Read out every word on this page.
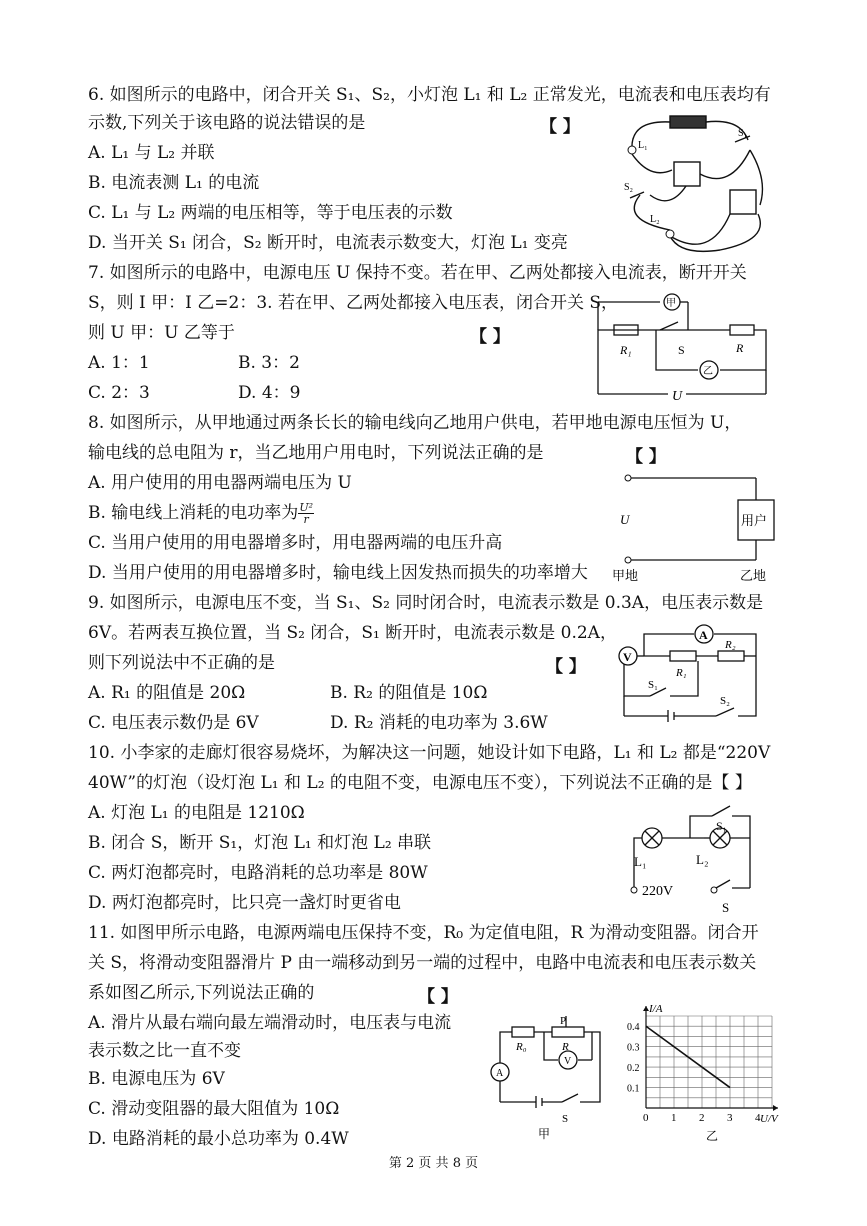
6. 如图所示的电路中，闭合开关 S₁、S₂，小灯泡 L₁ 和 L₂ 正常发光，电流表和电压表均有
示数,下列关于该电路的说法错误的是	【 】
A. L₁ 与 L₂ 并联
B. 电流表测 L₁ 的电流
C. L₁ 与 L₂ 两端的电压相等，等于电压表的示数
D. 当开关 S₁ 闭合，S₂ 断开时，电流表示数变大，灯泡 L₁ 变亮
L₁
L₂
S₁
S₂
7. 如图所示的电路中，电源电压 U 保持不变。若在甲、乙两处都接入电流表，断开开关
S，则 I 甲：I 乙=2：3. 若在甲、乙两处都接入电压表，闭合开关 S，
则 U 甲：U 乙等于	【 】
A. 1：1	B. 3：2
C. 2：3	D. 4：9
甲
乙
R₁	S	R
U
8. 如图所示，从甲地通过两条长长的输电线向乙地用户供电，若甲地电源电压恒为 U，
输电线的总电阻为 r，当乙地用户用电时，下列说法正确的是	【 】
A. 用户使用的用电器两端电压为 U
B. 输电线上消耗的电功率为 $\frac{\text{U²}}{r}$
C. 当用户使用的用电器增多时，用电器两端的电压升高
D. 当用户使用的用电器增多时，输电线上因发热而损失的功率增大
U	用户
甲地	乙地
9. 如图所示，电源电压不变，当 S₁、S₂ 同时闭合时，电流表示数是 0.3A，电压表示数是
6V。若两表互换位置，当 S₂ 闭合，S₁ 断开时，电流表示数是 0.2A，
则下列说法中不正确的是	【 】
A. R₁ 的阻值是 20Ω	B. R₂ 的阻值是 10Ω
C. 电压表示数仍是 6V	D. R₂ 消耗的电功率为 3.6W
A
V
R₁
R₂
S₁
S₂
10. 小李家的走廊灯很容易烧坏，为解决这一问题，她设计如下电路，L₁ 和 L₂ 都是“220V
40W”的灯泡（设灯泡 L₁ 和 L₂ 的电阻不变，电源电压不变），下列说法不正确的是【 】
A. 灯泡 L₁ 的电阻是 1210Ω
B. 闭合 S，断开 S₁，灯泡 L₁ 和灯泡 L₂ 串联
C. 两灯泡都亮时，电路消耗的总功率是 80W
D. 两灯泡都亮时，比只亮一盏灯时更省电
L₁	L₂
S₁
220V
S
11. 如图甲所示电路，电源两端电压保持不变，R₀ 为定值电阻，R 为滑动变阻器。闭合开
关 S，将滑动变阻器滑片 P 由一端移动到另一端的过程中，电路中电流表和电压表示数关
系如图乙所示,下列说法正确的	【 】
A. 滑片从最右端向最左端滑动时，电压表与电流
表示数之比一直不变
B. 电源电压为 6V
C. 滑动变阻器的最大阻值为 10Ω
D. 电路消耗的最小总功率为 0.4W
P
R₀	R
A
V
S
甲
0 1 2 3 4
0.1
0.2
0.3
0.4
I/A
U/V
乙
第 2 页 共 8 页
